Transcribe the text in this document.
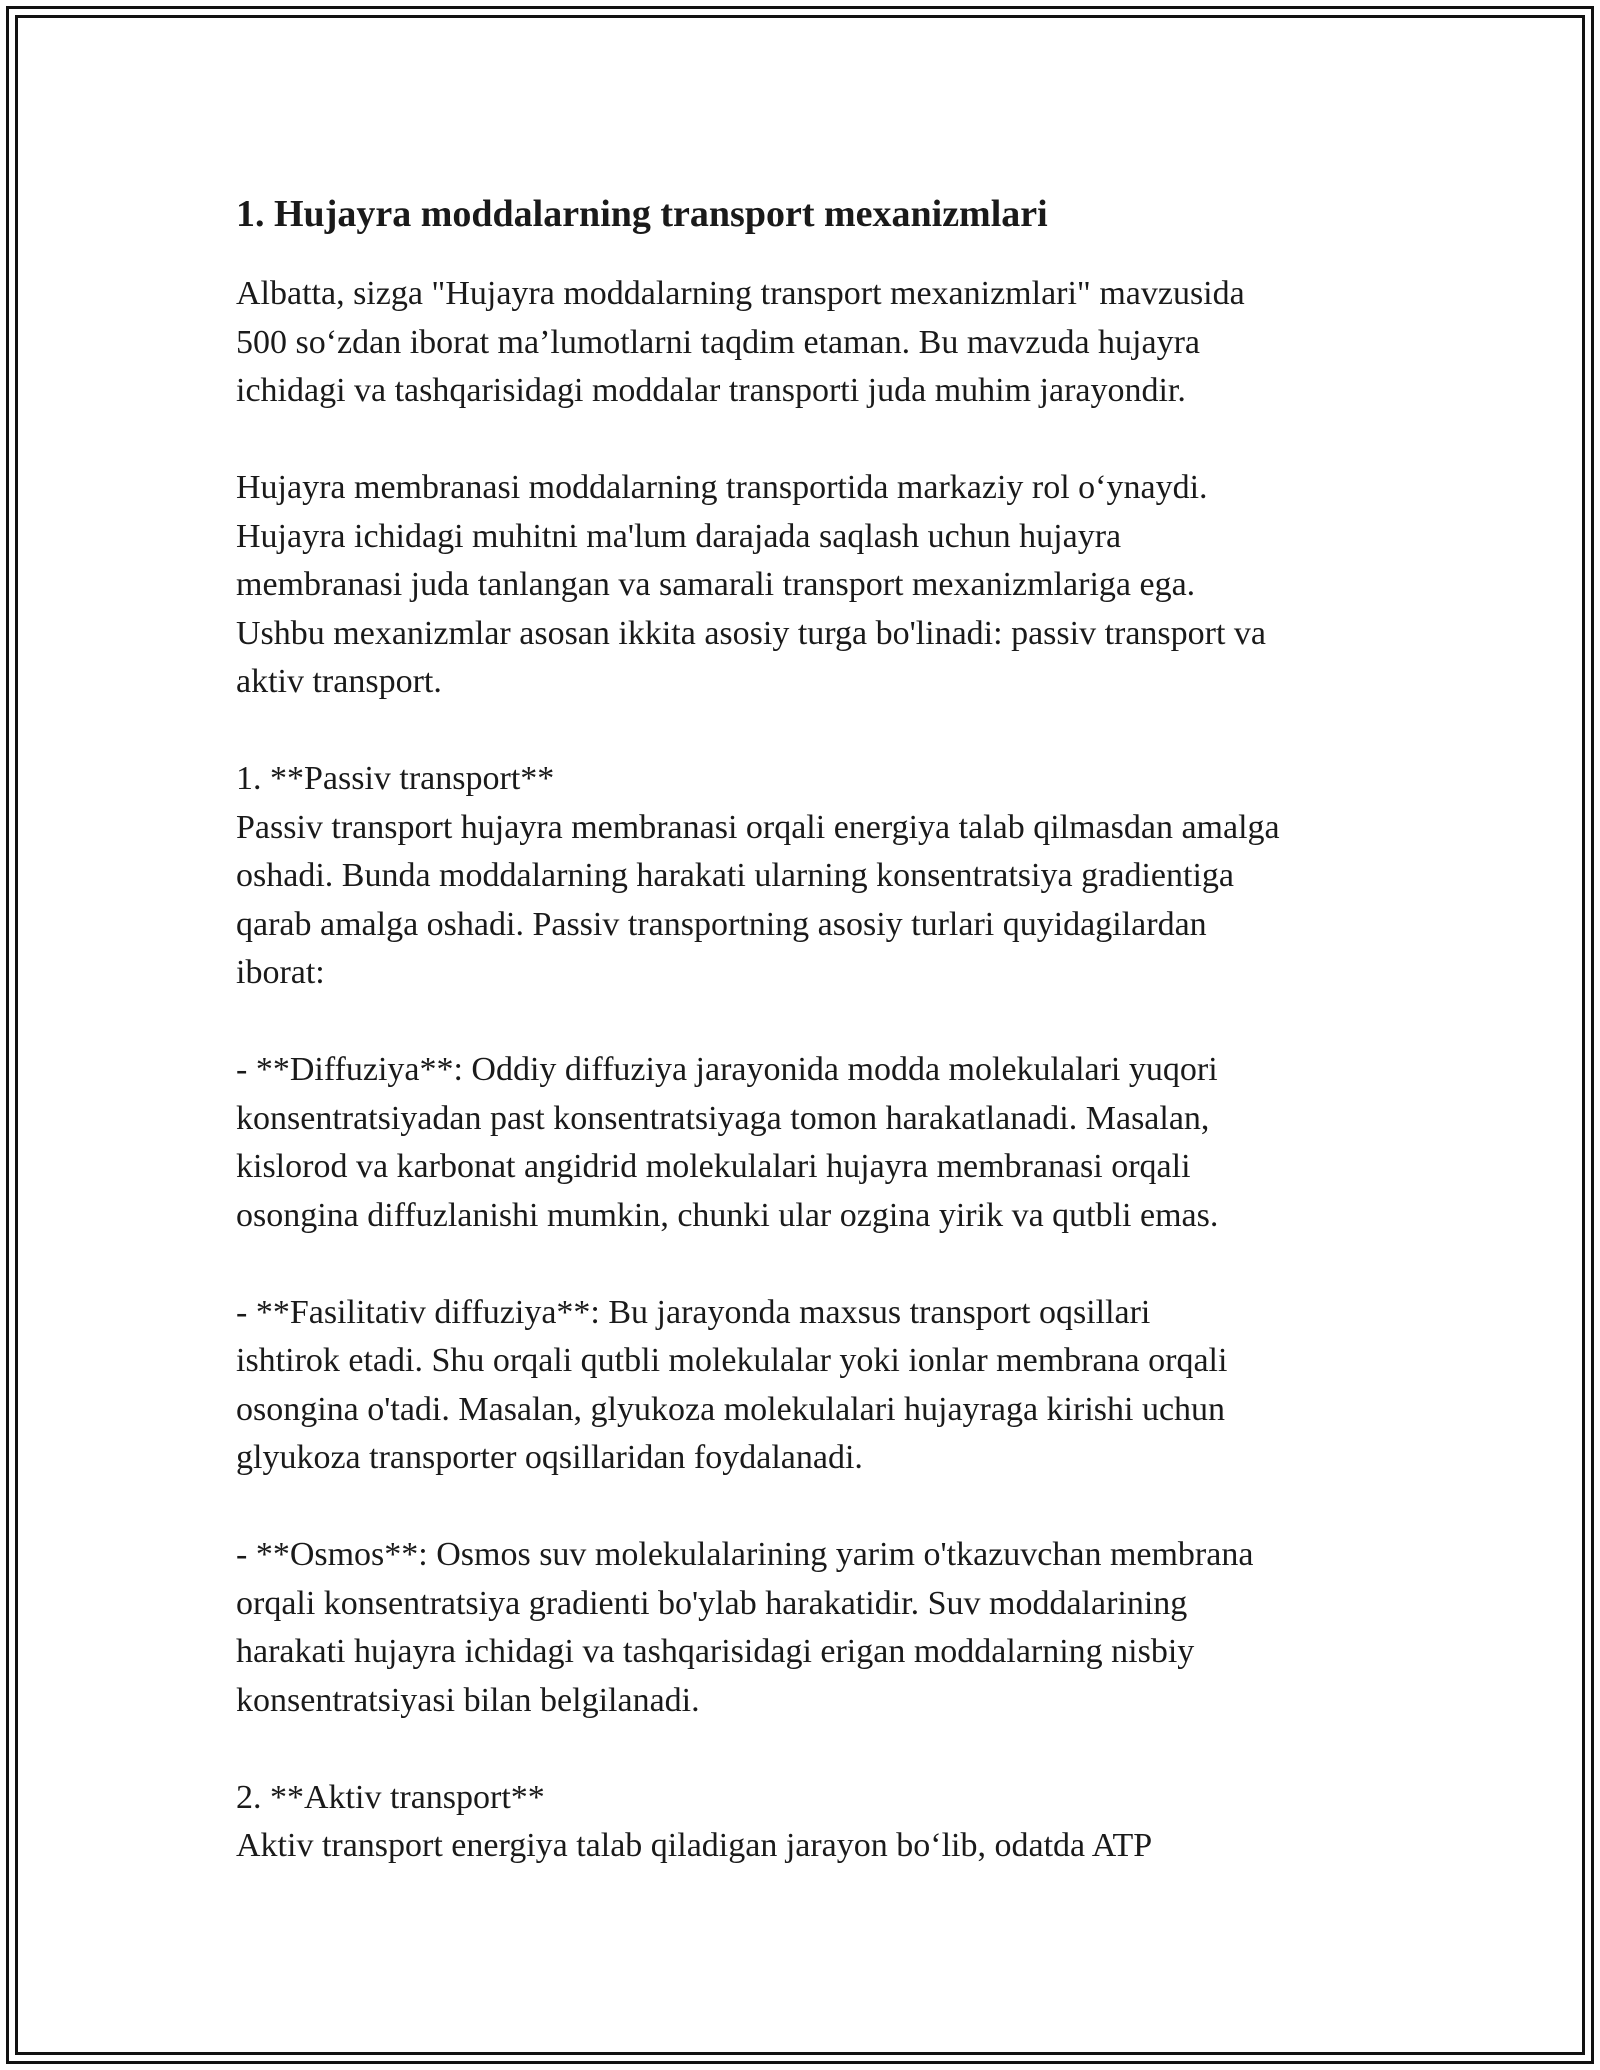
1. Hujayra moddalarning transport mexanizmlari

Albatta, sizga "Hujayra moddalarning transport mexanizmlari" mavzusida
500 so‘zdan iborat ma’lumotlarni taqdim etaman. Bu mavzuda hujayra
ichidagi va tashqarisidagi moddalar transporti juda muhim jarayondir.

Hujayra membranasi moddalarning transportida markaziy rol o‘ynaydi.
Hujayra ichidagi muhitni ma'lum darajada saqlash uchun hujayra
membranasi juda tanlangan va samarali transport mexanizmlariga ega.
Ushbu mexanizmlar asosan ikkita asosiy turga bo'linadi: passiv transport va
aktiv transport.

1. **Passiv transport**
Passiv transport hujayra membranasi orqali energiya talab qilmasdan amalga
oshadi. Bunda moddalarning harakati ularning konsentratsiya gradientiga
qarab amalga oshadi. Passiv transportning asosiy turlari quyidagilardan
iborat:

- **Diffuziya**: Oddiy diffuziya jarayonida modda molekulalari yuqori
konsentratsiyadan past konsentratsiyaga tomon harakatlanadi. Masalan,
kislorod va karbonat angidrid molekulalari hujayra membranasi orqali
osongina diffuzlanishi mumkin, chunki ular ozgina yirik va qutbli emas.

- **Fasilitativ diffuziya**: Bu jarayonda maxsus transport oqsillari
ishtirok etadi. Shu orqali qutbli molekulalar yoki ionlar membrana orqali
osongina o'tadi. Masalan, glyukoza molekulalari hujayraga kirishi uchun
glyukoza transporter oqsillaridan foydalanadi.

- **Osmos**: Osmos suv molekulalarining yarim o'tkazuvchan membrana
orqali konsentratsiya gradienti bo'ylab harakatidir. Suv moddalarining
harakati hujayra ichidagi va tashqarisidagi erigan moddalarning nisbiy
konsentratsiyasi bilan belgilanadi.

2. **Aktiv transport**
Aktiv transport energiya talab qiladigan jarayon bo‘lib, odatda ATP
